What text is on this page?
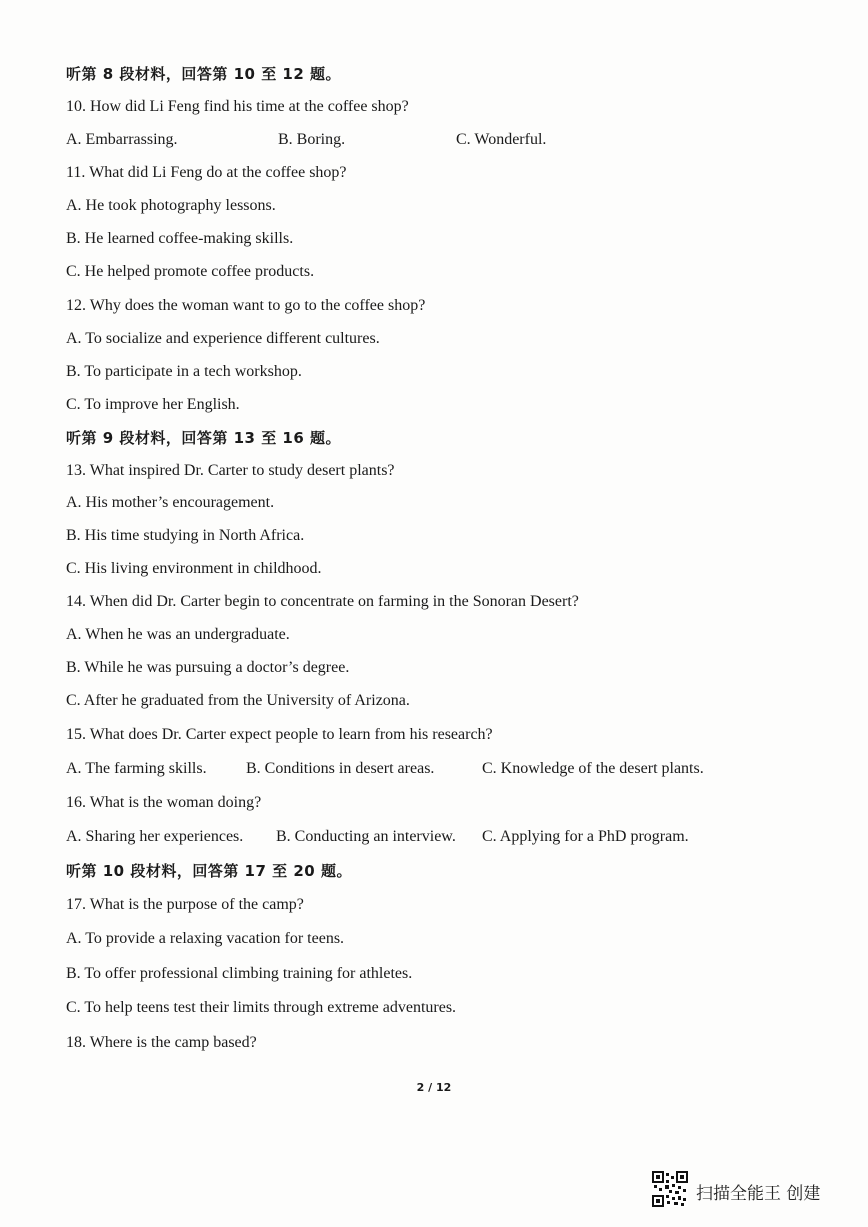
听第 8 段材料，回答第 10 至 12 题。
10. How did Li Feng find his time at the coffee shop?
A. Embarrassing.	B. Boring.	C. Wonderful.
11. What did Li Feng do at the coffee shop?
A. He took photography lessons.
B. He learned coffee-making skills.
C. He helped promote coffee products.
12. Why does the woman want to go to the coffee shop?
A. To socialize and experience different cultures.
B. To participate in a tech workshop.
C. To improve her English.
听第 9 段材料，回答第 13 至 16 题。
13. What inspired Dr. Carter to study desert plants?
A. His mother’s encouragement.
B. His time studying in North Africa.
C. His living environment in childhood.
14. When did Dr. Carter begin to concentrate on farming in the Sonoran Desert?
A. When he was an undergraduate.
B. While he was pursuing a doctor’s degree.
C. After he graduated from the University of Arizona.
15. What does Dr. Carter expect people to learn from his research?
A. The farming skills. B. Conditions in desert areas.	C. Knowledge of the desert plants.
16. What is the woman doing?
A. Sharing her experiences. B. Conducting an interview. C. Applying for a PhD program.
听第 10 段材料，回答第 17 至 20 题。
17. What is the purpose of the camp?
A. To provide a relaxing vacation for teens.
B. To offer professional climbing training for athletes.
C. To help teens test their limits through extreme adventures.
18. Where is the camp based?
2 / 12
扫描全能王 创建
